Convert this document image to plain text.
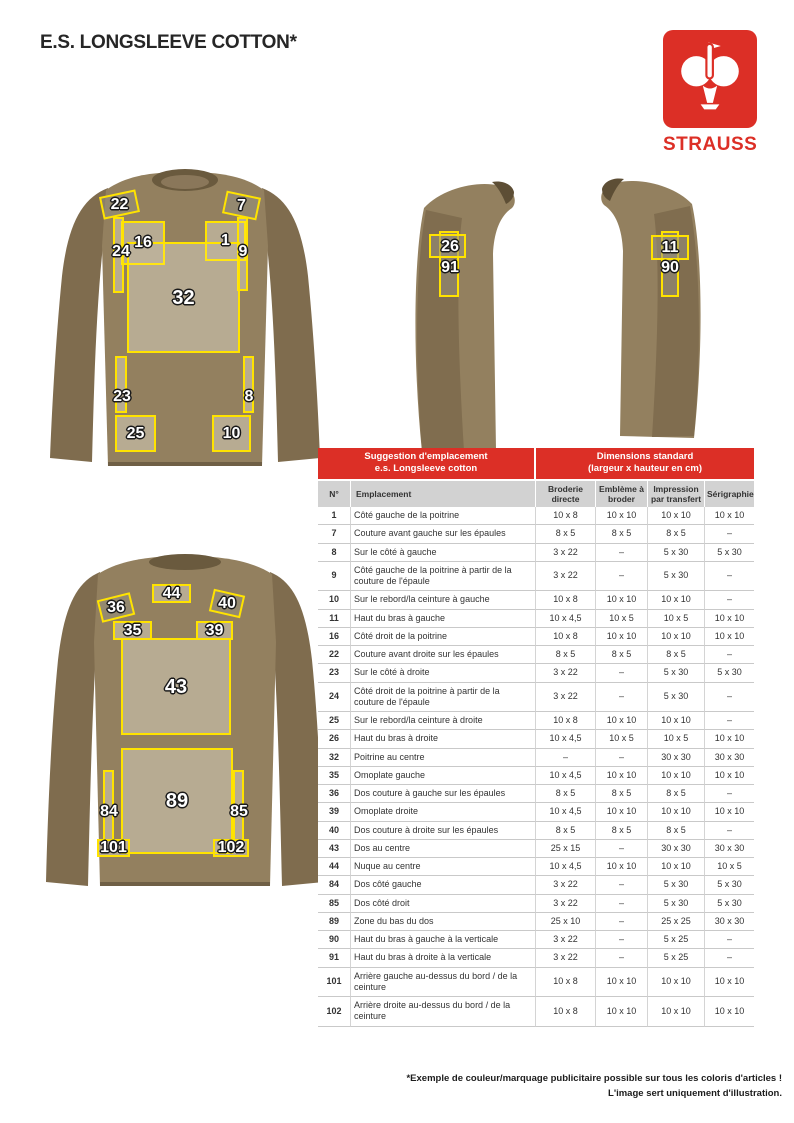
E.S. LONGSLEEVE COTTON*
STRAUSS
22	7
16	1
24	9
32
23	8
25	10
91
26
90
11
44
36	40
35	39
43
89
84	85
101	102
Suggestion d'emplacement
e.s. Longsleeve cotton

Dimensions standard
(largeur x hauteur en cm)

N°	Emplacement	Broderie directe	Emblème à broder	Impression par transfert	Sérigraphie
1	Côté gauche de la poitrine	10 x 8	10 x 10	10 x 10	10 x 10
7	Couture avant gauche sur les épaules	8 x 5	8 x 5	8 x 5	–
8	Sur le côté à gauche	3 x 22	–	5 x 30	5 x 30
9	Côté gauche de la poitrine à partir de la couture de l'épaule	3 x 22	–	5 x 30	–
10	Sur le rebord/la ceinture à gauche	10 x 8	10 x 10	10 x 10	–
11	Haut du bras à gauche	10 x 4,5	10 x 5	10 x 5	10 x 10
16	Côté droit de la poitrine	10 x 8	10 x 10	10 x 10	10 x 10
22	Couture avant droite sur les épaules	8 x 5	8 x 5	8 x 5	–
23	Sur le côté à droite	3 x 22	–	5 x 30	5 x 30
24	Côté droit de la poitrine à partir de la couture de l'épaule	3 x 22	–	5 x 30	–
25	Sur le rebord/la ceinture à droite	10 x 8	10 x 10	10 x 10	–
26	Haut du bras à droite	10 x 4,5	10 x 5	10 x 5	10 x 10
32	Poitrine au centre	–	–	30 x 30	30 x 30
35	Omoplate gauche	10 x 4,5	10 x 10	10 x 10	10 x 10
36	Dos couture à gauche sur les épaules	8 x 5	8 x 5	8 x 5	–
39	Omoplate droite	10 x 4,5	10 x 10	10 x 10	10 x 10
40	Dos couture à droite sur les épaules	8 x 5	8 x 5	8 x 5	–
43	Dos au centre	25 x 15	–	30 x 30	30 x 30
44	Nuque au centre	10 x 4,5	10 x 10	10 x 10	10 x 5
84	Dos côté gauche	3 x 22	–	5 x 30	5 x 30
85	Dos côté droit	3 x 22	–	5 x 30	5 x 30
89	Zone du bas du dos	25 x 10	–	25 x 25	30 x 30
90	Haut du bras à gauche à la verticale	3 x 22	–	5 x 25	–
91	Haut du bras à droite à la verticale	3 x 22	–	5 x 25	–
101	Arrière gauche au-dessus du bord / de la ceinture	10 x 8	10 x 10	10 x 10	10 x 10
102	Arrière droite au-dessus du bord / de la ceinture	10 x 8	10 x 10	10 x 10	10 x 10
*Exemple de couleur/marquage publicitaire possible sur tous les coloris d'articles !
L'image sert uniquement d'illustration.
